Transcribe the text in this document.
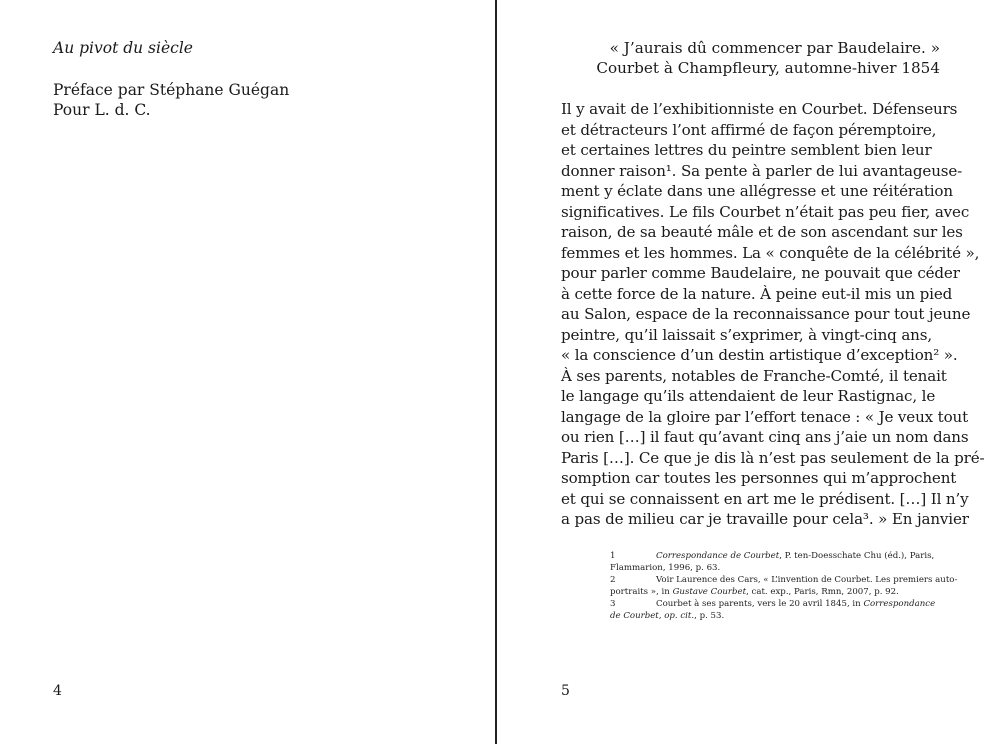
Au pivot du siècle
Préface par Stéphane Guégan
Pour L. d. C.
4
« J’aurais dû commencer par Baudelaire. »
Courbet à Champfleury, automne-hiver 1854
Il y avait de l’exhibitionniste en Courbet. Défenseurs
et détracteurs l’ont affirmé de façon péremptoire,
et certaines lettres du peintre semblent bien leur
donner raison¹. Sa pente à parler de lui avantageuse-
ment y éclate dans une allégresse et une réitération
significatives. Le fils Courbet n’était pas peu fier, avec
raison, de sa beauté mâle et de son ascendant sur les
femmes et les hommes. La « conquête de la célébrité »,
pour parler comme Baudelaire, ne pouvait que céder
à cette force de la nature. À peine eut-il mis un pied
au Salon, espace de la reconnaissance pour tout jeune
peintre, qu’il laissait s’exprimer, à vingt-cinq ans,
« la conscience d’un destin artistique d’exception² ».
À ses parents, notables de Franche-Comté, il tenait
le langage qu’ils attendaient de leur Rastignac, le
langage de la gloire par l’effort tenace : « Je veux tout
ou rien […] il faut qu’avant cinq ans j’aie un nom dans
Paris […]. Ce que je dis là n’est pas seulement de la pré-
somption car toutes les personnes qui m’approchent
et qui se connaissent en art me le prédisent. […] Il n’y
a pas de milieu car je travaille pour cela³. » En janvier
1	Correspondance de Courbet, P. ten-Doesschate Chu (éd.), Paris,
Flammarion, 1996, p. 63.
2	Voir Laurence des Cars, « L’invention de Courbet. Les premiers auto-
portraits », in Gustave Courbet, cat. exp., Paris, Rmn, 2007, p. 92.
3	Courbet à ses parents, vers le 20 avril 1845, in Correspondance
de Courbet, op. cit., p. 53.
5
